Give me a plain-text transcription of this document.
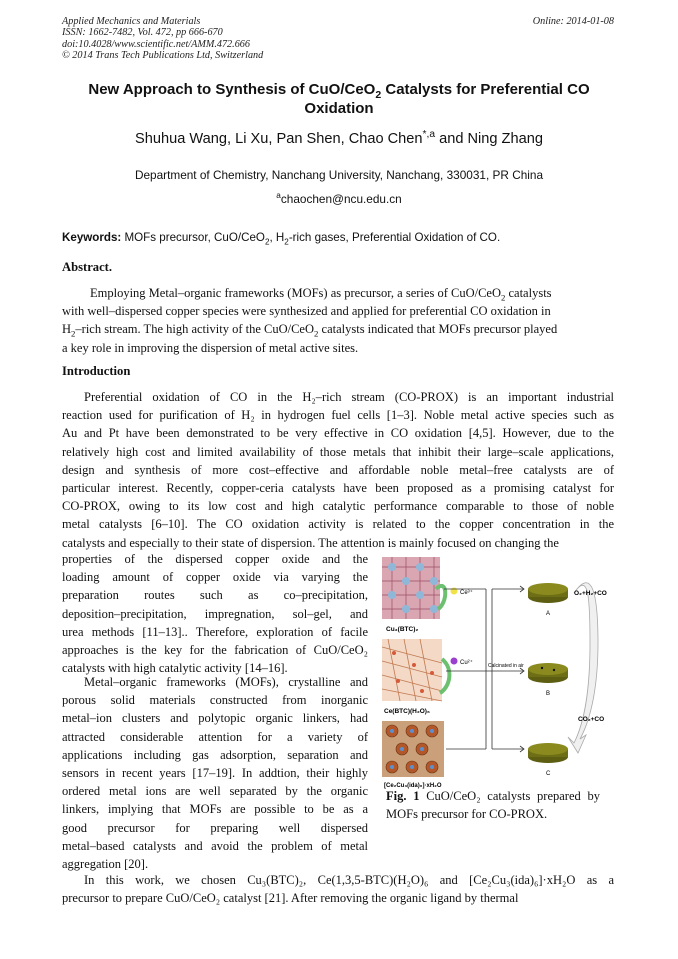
Applied Mechanics and Materials
ISSN: 1662-7482, Vol. 472, pp 666-670
doi:10.4028/www.scientific.net/AMM.472.666
© 2014 Trans Tech Publications Ltd, Switzerland
Online: 2014-01-08
New Approach to Synthesis of CuO/CeO$_2$ Catalysts for Preferential CO
Oxidation
Shuhua Wang, Li Xu, Pan Shen, Chao Chen$^{*,a}$ and Ning Zhang
Department of Chemistry, Nanchang University, Nanchang, 330031, PR China
$^a$chaochen@ncu.edu.cn
Keywords: MOFs precursor, CuO/CeO$_2$, $H_2$-rich gases, Preferential Oxidation of CO.
Abstract.
Employing Metal–organic frameworks (MOFs) as precursor, a series of CuO/CeO$_2$ catalysts
with well–dispersed copper species were synthesized and applied for preferential CO oxidation in
$H_2$–rich stream. The high activity of the CuO/CeO$_2$ catalysts indicated that MOFs precursor played
a key role in improving the dispersion of metal active sites.
Introduction
Preferential oxidation of CO in the H₂–rich stream (CO-PROX) is an important industrial
reaction used for purification of H₂ in hydrogen fuel cells [1–3]. Noble metal active species such as
Au and Pt have been demonstrated to be very effective in CO oxidation [4,5]. However, due to the
relatively high cost and limited availability of those metals that inhibit their large–scale applications,
design and synthesis of more cost–effective and affordable noble metal–free catalysts are of
particular interest. Recently, copper-ceria catalysts have been proposed as a promising catalyst for
CO-PROX, owing to its low cost and high catalytic performance comparable to those of noble
metal catalysts [6–10]. The CO oxidation activity is related to the copper concentration in the
catalysts and especially to their state of dispersion. The attention is mainly focused on changing the
properties of the dispersed copper oxide and the
loading amount of copper oxide via varying the
preparation routes such as co–precipitation,
deposition–precipitation, impregnation, sol–gel, and
urea methods [11–13].. Therefore, exploration of facile
approaches is the key for the fabrication of CuO/CeO₂
catalysts with high catalytic activity [14–16].
Metal–organic frameworks (MOFs), crystalline and
porous solid materials constructed from inorganic
metal–ion clusters and polytopic organic linkers, had
attracted considerable attention for a variety of
applications including gas adsorption, separation and
sensors in recent years [17–19]. In addtion, their highly
ordered metal ions are well separated by the organic
linkers, implying that MOFs are possible to be as a
good precursor for preparing well dispersed
metal–based catalysts and avoid the problem of metal
aggregation [20].
In this work, we chosen Cu₃(BTC)₂, Ce(1,3,5-BTC)(H₂O)₆ and [Ce₂Cu₃(ida)₆]·xH₂O as a
precursor to prepare CuO/CeO₂ catalyst [21]. After removing the organic ligand by thermal
Ce³⁺
Cu₃(BTC)₂
Cu²⁺
Ce(BTC)(H₂O)₆
[Ce₂Cu₃(ida)₆]·xH₂O
Calcinated in air
A
B
C
O₂+H₂+CO
CO₂+CO
Fig. 1 CuO/CeO₂ catalysts prepared by MOFs precursor for CO-PROX.
